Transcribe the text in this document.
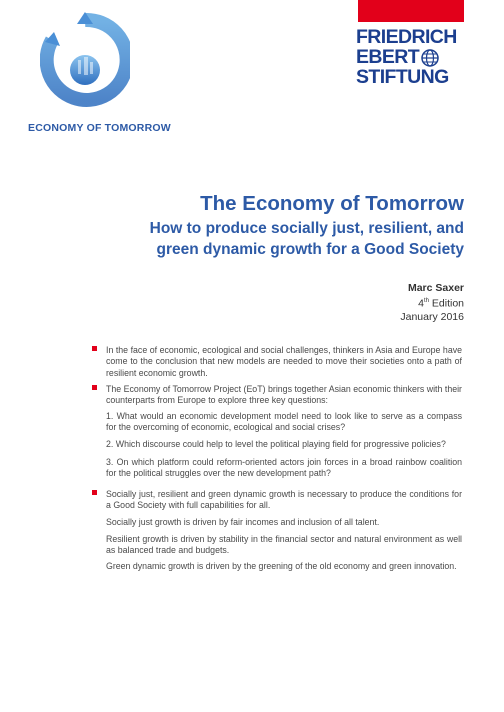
FRIEDRICH
EBERT
STIFTUNG
ECONOMY OF TOMORROW
The Economy of Tomorrow
How to produce socially just, resilient, and green dynamic growth for a Good Society
Marc Saxer
4th Edition
January 2016
In the face of economic, ecological and social challenges, thinkers in Asia and Europe have come to the conclusion that new models are needed to move their societies onto a path of resilient economic growth.
The Economy of Tomorrow Project (EoT) brings together Asian economic thinkers with their counterparts from Europe to explore three key questions:
1. What would an economic development model need to look like to serve as a compass for the overcoming of economic, ecological and social crises?
2. Which discourse could help to level the political playing field for progressive policies?
3. On which platform could reform-oriented actors join forces in a broad rainbow coalition for the political struggles over the new development path?
Socially just, resilient and green dynamic growth is necessary to produce the conditions for a Good Society with full capabilities for all.
Socially just growth is driven by fair incomes and inclusion of all talent.
Resilient growth is driven by stability in the financial sector and natural environment as well as balanced trade and budgets.
Green dynamic growth is driven by the greening of the old economy and green innovation.
